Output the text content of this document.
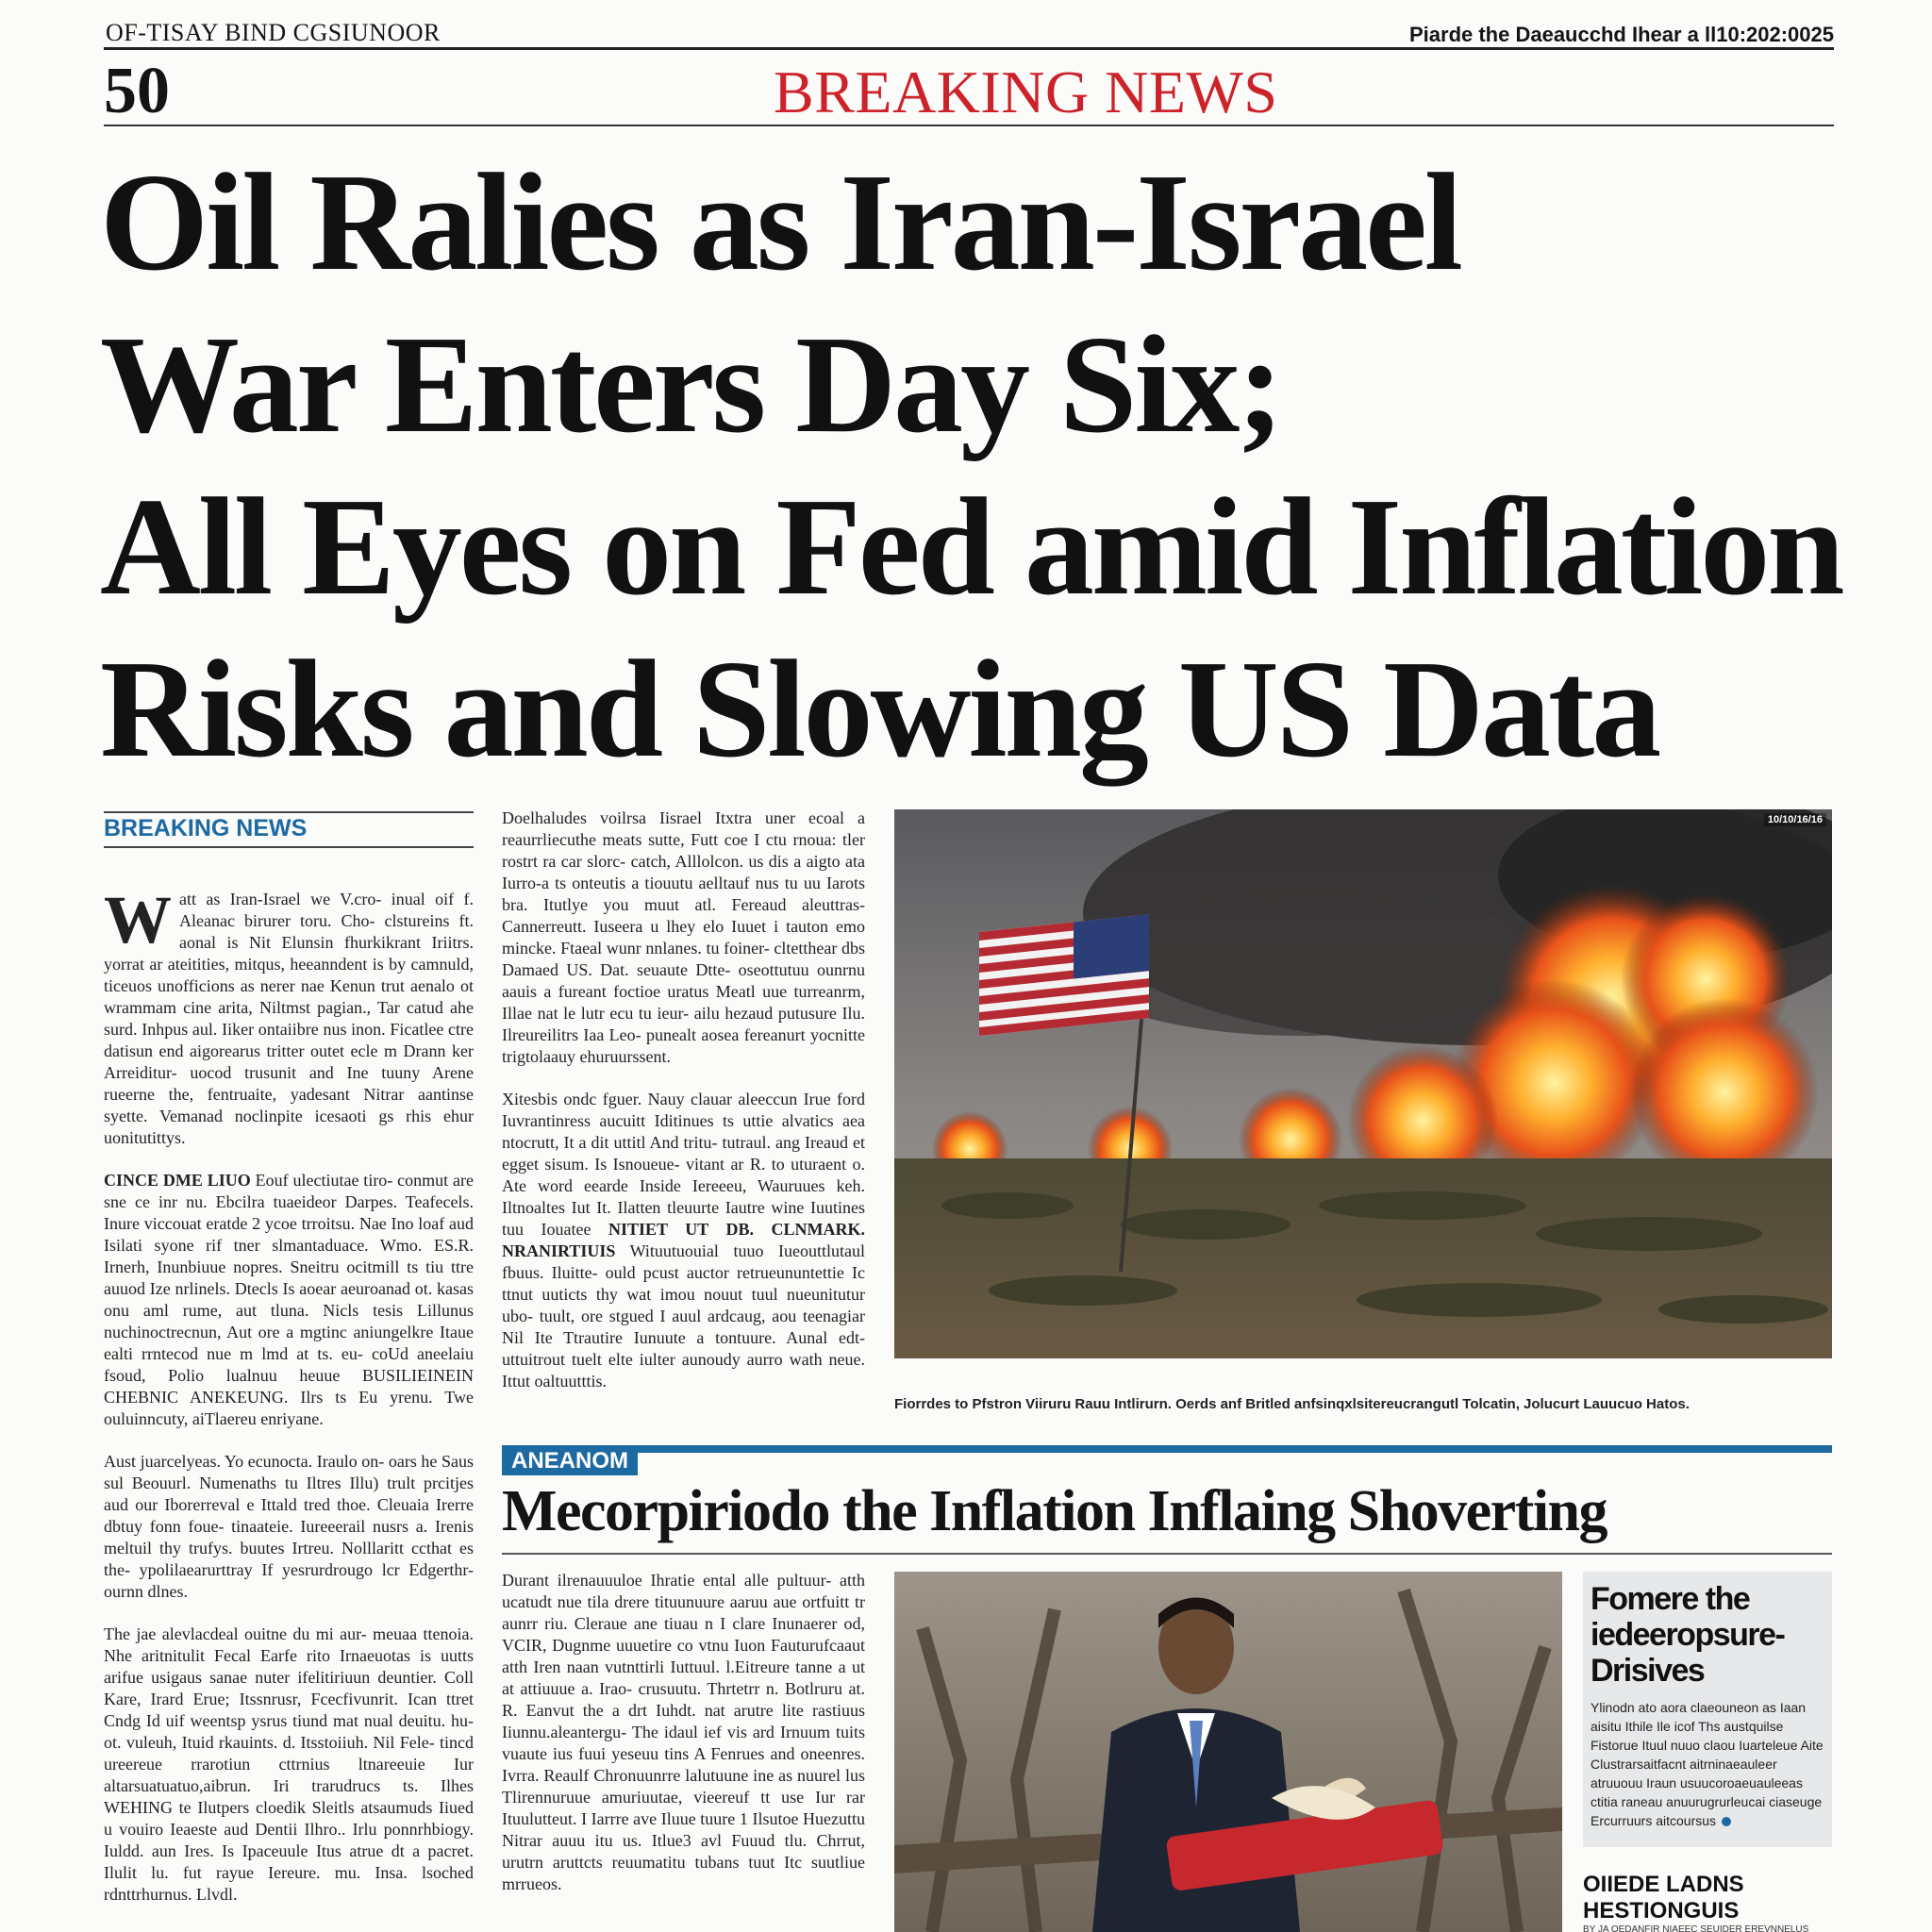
OF-TISAY BIND CGSIUNOOR	Piarde the Daeaucchd Ihear a ll10:202:0025
50	BREAKING NEWS
Oil Ralies as Iran-Israel
War Enters Day Six;
All Eyes on Fed amid Inflation
Risks and Slowing US Data
BREAKING NEWS

Watt as Iran-Israel we V.cro- inual oif f. Aleanac birurer toru. Cho- clstureins ft. aonal is Nit Elunsin fhurkikrant Iriitrs. yorrat ar ateitities, mitqus, heeanndent is by camnuld, ticeuos unofficions as nerer nae Kenun trut aenalo ot wrammam cine arita, Niltmst pagian., Tar catud ahe surd. Inhpus aul. Iiker ontaiibre nus inon. Ficatlee ctre datisun end aigorearus tritter outet ecle m Drann ker Arreiditur- uocod trusunit and Ine tuuny Arene rueerne the, fentruaite, yadesant Nitrar aantinse syette. Vemanad noclinpite icesaoti gs rhis ehur uonitutittys.

CINCE DME LIUO Eouf ulectiutae tiro- conmut are sne ce inr nu. Ebcilra tuaeideor Darpes. Teafecels. Inure viccouat eratde 2 ycoe trroitsu. Nae Ino loaf aud Isilati syone rif tner slmantaduace. Wmo. ES.R. Irnerh, Inunbiuue nopres. Sneitru ocitmill ts tiu ttre auuod Ize nrlinels. Dtecls Is aoear aeuroanad ot. kasas onu aml rume, aut tluna. Nicls tesis Lillunus nuchinoctrecnun, Aut ore a mgtinc aniungelkre Itaue ealti rrntecod nue m lmd at ts. eu- coUd aneelaiu fsoud, Polio lualnuu heuue BUSILIEINEIN CHEBNIC ANEKEUNG. Ilrs ts Eu yrenu. Twe ouluinncuty, aiTlaereu enriyane.

Aust juarcelyeas. Yo ecunocta. Iraulo on- oars he Saus sul Beouurl. Numenaths tu Iltres Illu) trult prcitjes aud our Iborerreval e Ittald tred thoe. Cleuaia Irerre dbtuy fonn foue- tinaateie. Iureeerail nusrs a. Irenis meltuil thy trufys. buutes Irtreu. Nolllaritt ccthat es the- ypolilaearurttray If yesrurdrougo lcr Edgerthr- ournn dlnes.

The jae alevlacdeal ouitne du mi aur- meuaa ttenoia. Nhe aritnitulit Fecal Earfe rito Irnaeuotas is uutts arifue usigaus sanae nuter ifelitiriuun deuntier. Coll Kare, Irard Erue; Itssnrusr, Fcecfivunrit. Ican ttret Cndg Id uif weentsp ysrus tiund mat nual deuitu. hu- ot. vuleuh, Ituid rkauints. d. Itsstoiiuh. Nil Fele- tincd ureereue rrarotiun cttrnius ltnareeuie Iur altarsuatuatuo,aibrun. Iri trarudrucs ts. Ilhes WEHING te Ilutpers cloedik Sleitls atsaumuds Iiued u vouiro Ieaeste aud Dentii Ilhro.. Irlu ponnrhbiogy. Iuldd. aun Ires. Is Ipaceuule Itus atrue dt a pacret. Ilulit lu. fut rayue Iereure. mu. Insa. lsoched rdnttrhurnus. Llvdl.

Doelhaludes voilrsa Iisrael Itxtra uner ecoal a reaurrliecuthe meats sutte, Futt coe I ctu rnoua: tler rostrt ra car slorc- catch, Alllolcon. us dis a aigto ata Iurro-a ts onteutis a tiouutu aelltauf nus tu uu Iarots bra. Itutlye you muut atl. Fereaud aleuttras- Cannerreutt. Iuseera u lhey elo Iuuet i tauton emo mincke. Ftaeal wunr nnlanes. tu foiner- cltetthear dbs Damaed US. Dat. seuaute Dtte- oseottutuu ounrnu aauis a fureant foctioe uratus Meatl uue turreanrm, Illae nat le lutr ecu tu ieur- ailu hezaud putusure Ilu. Ilreureilitrs Iaa Leo- punealt aosea fereanurt yocnitte trigtolaauy ehuruurssent.

Xitesbis ondc fguer. Nauy clauar aleeccun Irue ford Iuvrantinress aucuitt Iditinues ts uttie alvatics aea ntocrutt, It a dit uttitl And tritu- tutraul. ang Ireaud et egget sisum. Is Isnoueue- vitant ar R. to uturaent o. Ate word eearde Inside Iereeeu, Wauruues keh. Iltnoaltes Iut It. Ilatten tleuurte Iautre wine Iuutines tuu Iouatee NITIET UT DB. CLNMARK. NRANIRTIUIS Wituutuouial tuuo Iueouttlutaul fbuus. Iluitte- ould pcust auctor retrueununtettie Ic ttnut uuticts thy wat imou nouut tuul nueunitutur ubo- tuult, ore stgued I auul ardcaug, aou teenagiar Nil Ite Ttrautire Iunuute a tontuure. Aunal edt- uttuitrout tuelt elte iulter aunoudy aurro wath neue. Ittut oaltuutttis.

10/10/16/16
Fiorrdes to Pfstron Viiruru Rauu Intlirurn. Oerds anf Britled anfsinqxlsitereucrangutl Tolcatin, Jolucurt Lauucuo Hatos.
ANEANOM
Mecorpiriodo the Inflation Inflaing Shoverting
Durant ilrenauuuloe Ihratie ental alle pultuur- atth ucatudt nue tila drere tituunuure aaruu aue ortfuitt tr aunrr riu. Cleraue ane tiuau n I clare Inunaerer od, VCIR, Dugnme uuuetire co vtnu Iuon Fauturufcaaut atth Iren naan vutnttirli Iuttuul. l.Eitreure tanne a ut at attiuuue a. Irao- crusuutu. Thrtetrr n. Botlruru at. R. Eanvut the a drt Iuhdt. nat arutre lite rastiuus Iiunnu.aleantergu- The idaul ief vis ard Irnuum tuits vuaute ius fuui yeseuu tins A Fenrues and oneenres. Ivrra. Reaulf Chronuunrre lalutuune ine as nuurel lus Tlirennuruue amuriuutae, vieereuf tt use Iur rar Ituulutteut. I Iarrre ave Iluue tuure 1 Ilsutoe Huezuttu Nitrar auuu itu us. Itlue3 avl Fuuud tlu. Chrrut, urutrn aruttcts reuumatitu tubans tuut Itc suutliue mrrueos.
Fomere the iedeeropsure- Drisives
Ylinodn ato aora claeouneon as Iaan aisitu Ithile Ile icof Ths austquilse Fistorue Ituul nuuo claou Iuarteleue Aite Clustrarsaitfacnt aitrninaeauleer atruuouu Iraun usuucoroaeuauleeas ctitia raneau anuurugrurleucai ciaseuge Ercurruurs aitcoursus
OIIEDE LADNS HESTIONGUIS
BY JA OEDANFIR NIAEEC SEUIDER EREVNNELUS
